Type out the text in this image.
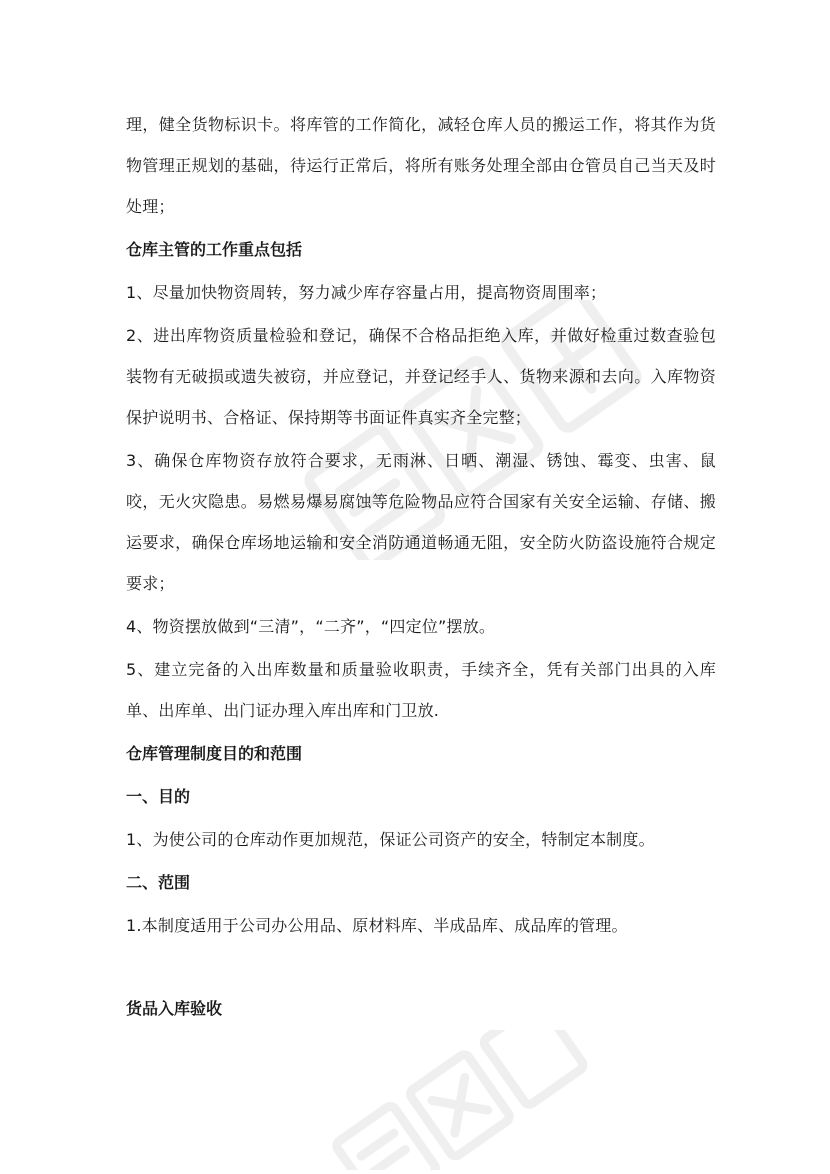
理，健全货物标识卡。将库管的工作简化，减轻仓库人员的搬运工作，将其作为货物管理正规划的基础，待运行正常后，将所有账务处理全部由仓管员自己当天及时处理；

仓库主管的工作重点包括

1、尽量加快物资周转，努力减少库存容量占用，提高物资周围率；

2、进出库物资质量检验和登记，确保不合格品拒绝入库，并做好检重过数查验包装物有无破损或遗失被窃，并应登记，并登记经手人、货物来源和去向。入库物资保护说明书、合格证、保持期等书面证件真实齐全完整；

3、确保仓库物资存放符合要求，无雨淋、日晒、潮湿、锈蚀、霉变、虫害、鼠咬，无火灾隐患。易燃易爆易腐蚀等危险物品应符合国家有关安全运输、存储、搬运要求，确保仓库场地运输和安全消防通道畅通无阻，安全防火防盗设施符合规定要求；

4、物资摆放做到“三清”，“二齐”，“四定位”摆放。

5、建立完备的入出库数量和质量验收职责，手续齐全，凭有关部门出具的入库单、出库单、出门证办理入库出库和门卫放.

仓库管理制度目的和范围

一、目的

1、为使公司的仓库动作更加规范，保证公司资产的安全，特制定本制度。

二、范围

1.本制度适用于公司办公用品、原材料库、半成品库、成品库的管理。

货品入库验收
